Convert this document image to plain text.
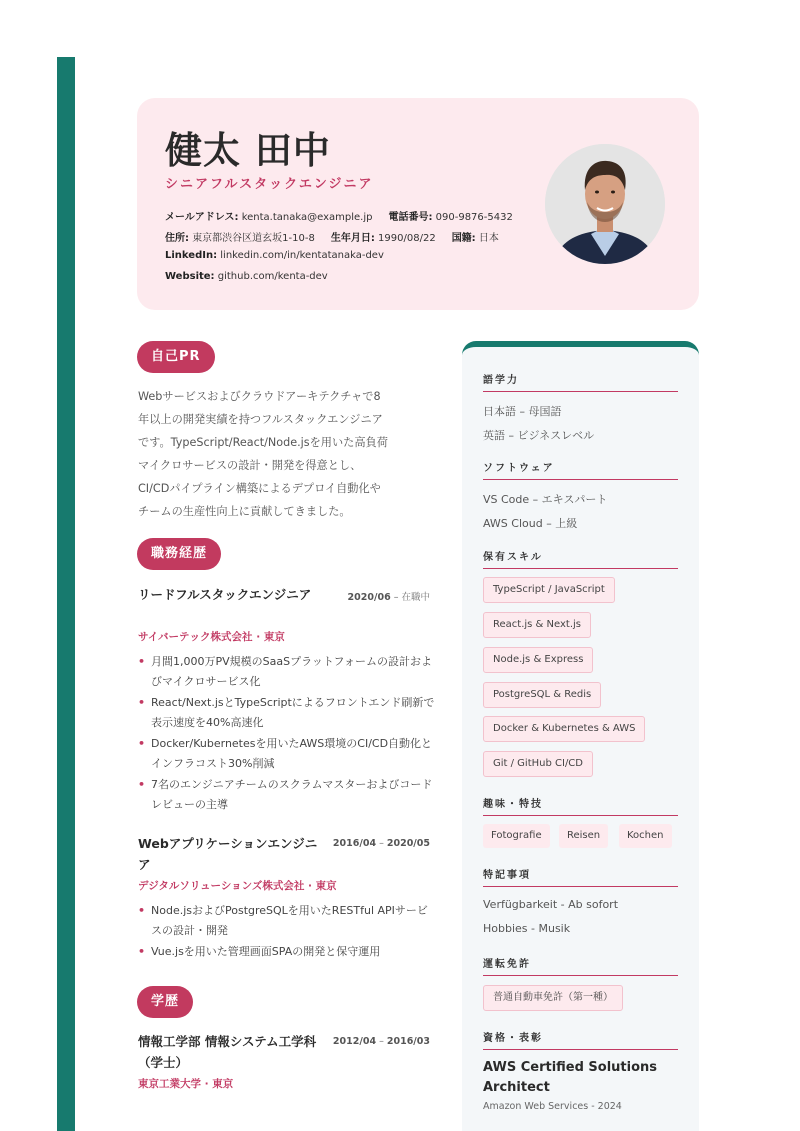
健太 田中
シニアフルスタックエンジニア
メールアドレス: kenta.tanaka@example.jp 電話番号: 090-9876-5432
住所: 東京都渋谷区道玄坂1-10-8 生年月日: 1990/08/22 国籍: 日本
LinkedIn: linkedin.com/in/kentatanaka-dev
Website: github.com/kenta-dev
自己PR
Webサービスおよびクラウドアーキテクチャで8
年以上の開発実績を持つフルスタックエンジニア
です。TypeScript/React/Node.jsを用いた高負荷
マイクロサービスの設計・開発を得意とし、
CI/CDパイプライン構築によるデプロイ自動化や
チームの生産性向上に貢献してきました。
職務経歴
リードフルスタックエンジニア	2020/06 – 在職中
サイバーテック株式会社 · 東京
• 月間1,000万PV規模のSaaSプラットフォームの設計およびマイクロサービス化
• React/Next.jsとTypeScriptによるフロントエンド刷新で表示速度を40%高速化
• Docker/Kubernetesを用いたAWS環境のCI/CD自動化とインフラコスト30%削減
• 7名のエンジニアチームのスクラムマスターおよびコードレビューの主導
Webアプリケーションエンジニア
2016/04 – 2020/05
デジタルソリューションズ株式会社 · 東京
• Node.jsおよびPostgreSQLを用いたRESTful APIサービスの設計・開発
• Vue.jsを用いた管理画面SPAの開発と保守運用
学歴
情報工学部 情報システム工学科（学士）
2012/04 – 2016/03
東京工業大学 · 東京
語学力
日本語 – 母国語
英語 – ビジネスレベル
ソフトウェア
VS Code – エキスパート
AWS Cloud – 上級
保有スキル
TypeScript / JavaScript
React.js & Next.js
Node.js & Express
PostgreSQL & Redis
Docker & Kubernetes & AWS
Git / GitHub CI/CD
趣味・特技
Fotografie	Reisen	Kochen
特記事項
Verfügbarkeit - Ab sofort
Hobbies - Musik
運転免許
普通自動車免許（第一種）
資格・表彰
AWS Certified Solutions Architect
Amazon Web Services - 2024
